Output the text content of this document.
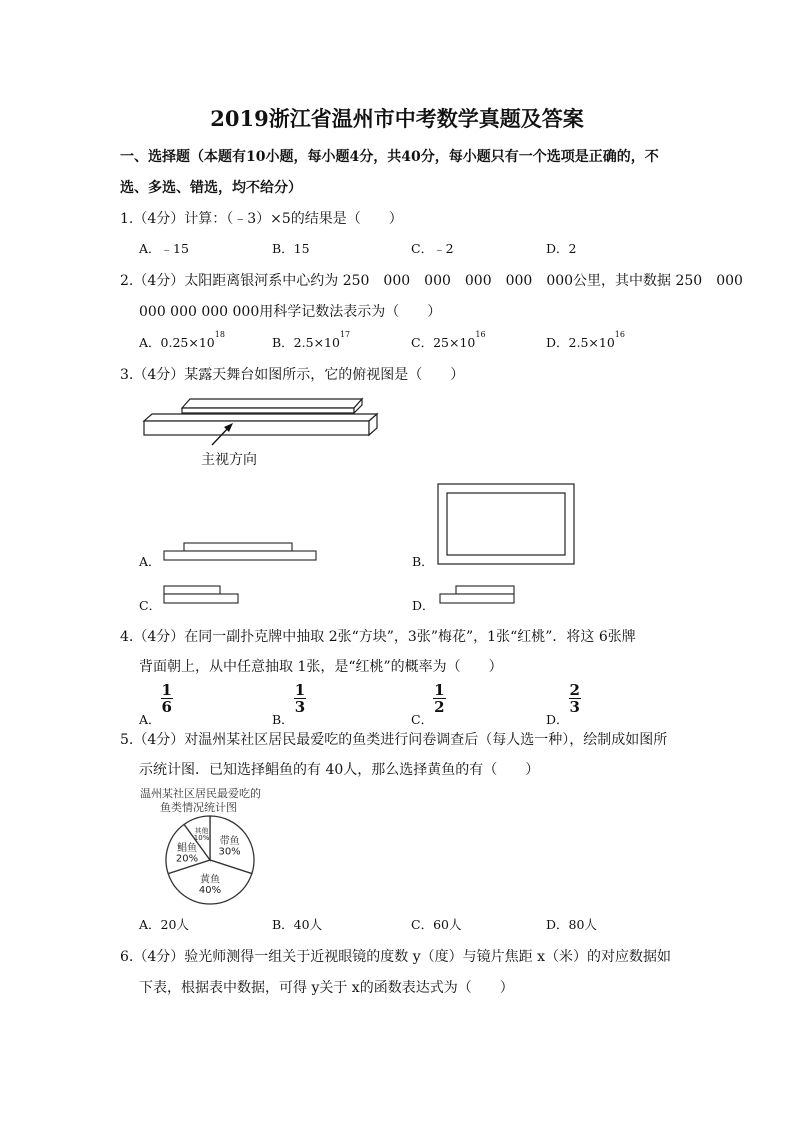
2019浙江省温州市中考数学真题及答案
一、选择题（本题有10小题，每小题4分，共40分，每小题只有一个选项是正确的，不
选、多选、错选，均不给分）
1.（4分）计算：（﹣3）×5的结果是（　　）
A．﹣15	B．15	C．﹣2	D．2
2.（4分）太阳距离银河系中心约为 250　000　000　000　000　000公里，其中数据 250　000
000 000 000 000用科学记数法表示为（　　）
A．$0.25\times 10^{18}$
B．$2.5\times 10^{17}$
C．$25\times 10^{16}$
D．$2.5\times 10^{16}$
3.（4分）某露天舞台如图所示，它的俯视图是（　　）
主视方向
A．	B．
C．	D．
4.（4分）在同一副扑克牌中抽取 2张“方块”，3张”梅花”，1张“红桃”．将这 6张牌
背面朝上，从中任意抽取 1张，是“红桃”的概率为（　　）
A．
$\frac{1}{6}$
B．
$\frac{1}{3}$
C．
$\frac{1}{2}$
D．
$\frac{2}{3}$
5.（4分）对温州某社区居民最爱吃的鱼类进行问卷调查后（每人选一种），绘制成如图所
示统计图．已知选择鲳鱼的有 40人，那么选择黄鱼的有（　　）
温州某社区居民最爱吃的
鱼类情况统计图
带鱼
30%
黄鱼
40%
鲳鱼
20%
其他
10%
A．20人	B．40人	C．60人	D．80人
6.（4分）验光师测得一组关于近视眼镜的度数 y（度）与镜片焦距 x（米）的对应数据如
下表，根据表中数据，可得 y关于 x的函数表达式为（　　）
